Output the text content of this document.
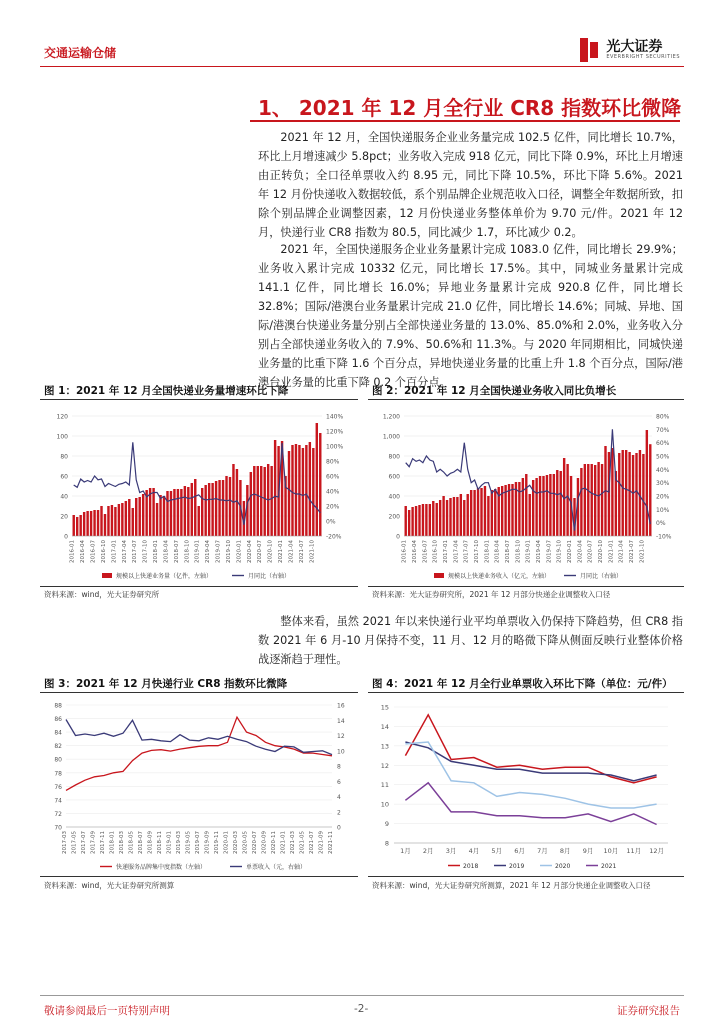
交通运输仓储	光大证券
EVERBRIGHT SECURITIES
1、 2021 年 12 月全行业 CR8 指数环比微降

2021 年 12 月，全国快递服务企业业务量完成 102.5 亿件，同比增长 10.7%，环比上月增速减少 5.8pct；业务收入完成 918 亿元，同比下降 0.9%，环比上月增速由正转负；全口径单票收入约 8.95 元，同比下降 10.5%，环比下降 5.6%。2021 年 12 月份快递收入数据较低，系个别品牌企业规范收入口径，调整全年数据所致，扣除个别品牌企业调整因素，12 月份快递业务整体单价为 9.70 元/件。2021 年 12 月，快递行业 CR8 指数为 80.5，同比减少 1.7，环比减少 0.2。

2021 年，全国快递服务企业业务量累计完成 1083.0 亿件，同比增长 29.9%；业务收入累计完成 10332 亿元，同比增长 17.5%。其中，同城业务量累计完成 141.1 亿件，同比增长 16.0%；异地业务量累计完成 920.8 亿件，同比增长 32.8%；国际/港澳台业务量累计完成 21.0 亿件，同比增长 14.6%；同城、异地、国际/港澳台快递业务量分别占全部快递业务量的 13.0%、85.0%和 2.0%，业务收入分别占全部快递业务收入的 7.9%、50.6%和 11.3%。与 2020 年同期相比，同城快递业务量的比重下降 1.6 个百分点，异地快递业务量的比重上升 1.8 个百分点，国际/港澳台业务量的比重下降 0.2 个百分点。

图 1：2021 年 12 月全国快递业务量增速环比下降
0
20
40
60
80
100
120
-20%
0%
20%
40%
60%
80%
100%
120%
140%
2016-01 2016-04 2016-07 2016-10 2017-01 2017-04 2017-07 2017-10 2018-01 2018-04 2018-07 2018-10 2019-01 2019-04 2019-07 2019-10 2020-01 2020-04 2020-07 2020-10 2021-01 2021-04 2021-07 2021-10
规模以上快递业务量（亿件，左轴）	月同比（右轴）
资料来源：wind，光大证券研究所
图 2：2021 年 12 月全国快递业务收入同比负增长
0
200
400
600
800
1,000
1,200
-10%
0%
10%
20%
30%
40%
50%
60%
70%
80%
2016-01 2016-04 2016-07 2016-10 2017-01 2017-04 2017-07 2017-10 2018-01 2018-04 2018-07 2018-10 2019-01 2019-04 2019-07 2019-10 2020-01 2020-04 2020-07 2020-10 2021-01 2021-04 2021-07 2021-10
规模以上快递业务收入（亿元，左轴）	月同比（右轴）
资料来源：光大证券研究所，2021 年 12 月部分快递企业调整收入口径

整体来看，虽然 2021 年以来快递行业平均单票收入仍保持下降趋势，但 CR8 指数 2021 年 6 月-10 月保持不变，11 月、12 月的略微下降从侧面反映行业整体价格战逐渐趋于理性。

图 3：2021 年 12 月快递行业 CR8 指数环比微降
70
72
74
76
78
80
82
84
86
88
0
2
4
6
8
10
12
14
16
2017-03 2017-05 2017-07 2017-09 2017-11 2018-01 2018-03 2018-05 2018-07 2018-09 2018-11 2019-01 2019-03 2019-05 2019-07 2019-09 2019-11 2020-01 2020-03 2020-05 2020-07 2020-09 2020-11 2021-01 2021-03 2021-05 2021-07 2021-09 2021-11
快递服务品牌集中度指数（左轴）	单票收入（元，右轴）
资料来源：wind，光大证券研究所测算
图 4：2021 年 12 月全行业单票收入环比下降（单位：元/件）
8
9
10
11
12
13
14
15
1月 2月 3月 4月 5月 6月 7月 8月 9月 10月 11月 12月
2018	2019	2020	2021
资料来源：wind，光大证券研究所测算，2021 年 12 月部分快递企业调整收入口径
敬请参阅最后一页特别声明	-2-	证券研究报告
